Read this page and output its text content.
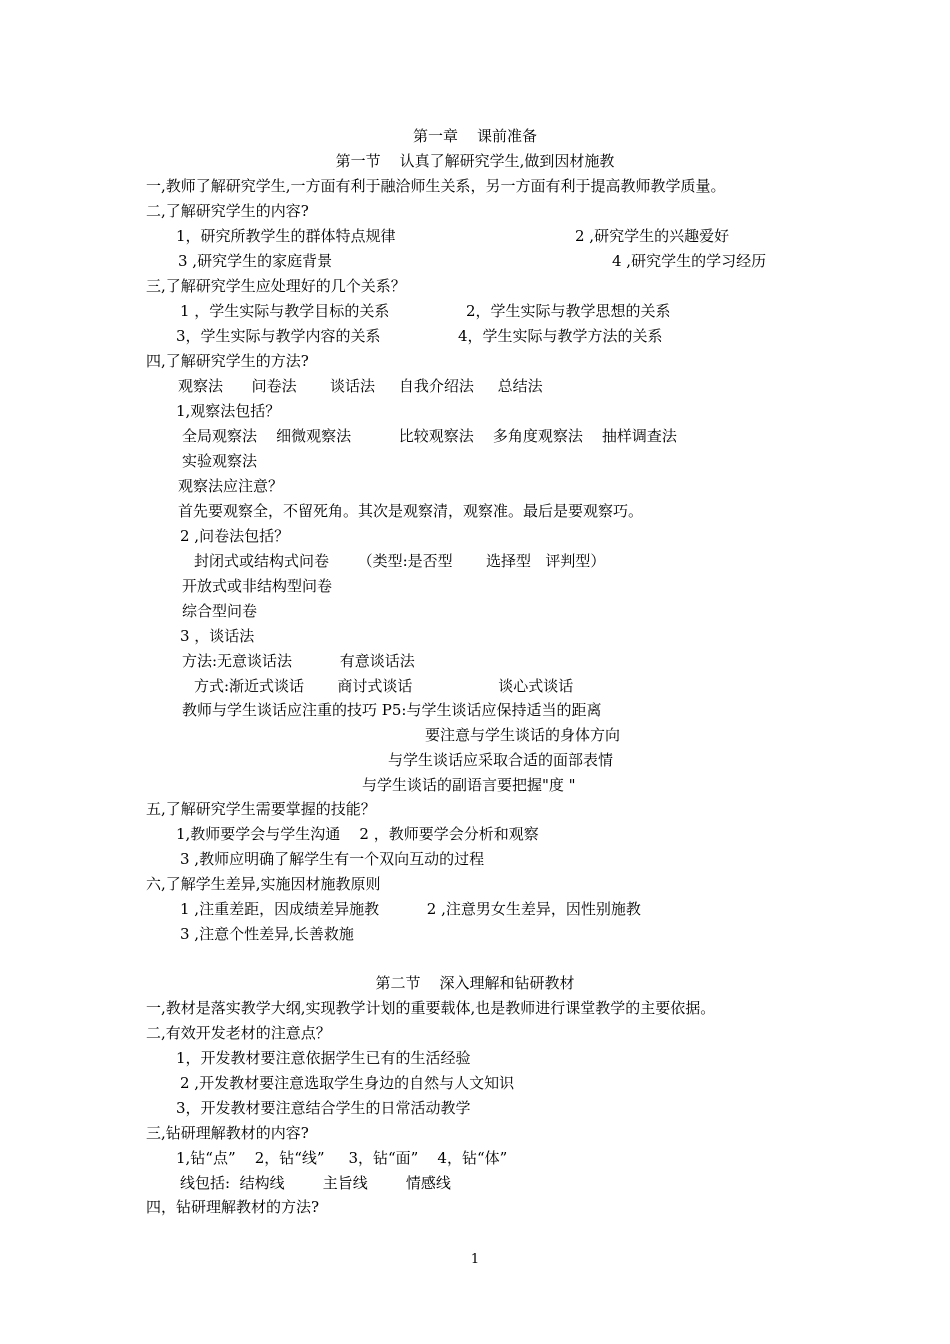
第一章    课前准备
第一节    认真了解研究学生,做到因材施教
一,教师了解研究学生,一方面有利于融洽师生关系，另一方面有利于提高教师教学质量。
二,了解研究学生的内容?
1，研究所教学生的群体特点规律	2 ,研究学生的兴趣爱好
3 ,研究学生的家庭背景	4 ,研究学生的学习经历
三,了解研究学生应处理好的几个关系？
1 ，学生实际与教学目标的关系	2，学生实际与教学思想的关系
3，学生实际与教学内容的关系	4，学生实际与教学方法的关系
四,了解研究学生的方法?
观察法      问卷法       谈话法     自我介绍法     总结法
1,观察法包括？
全局观察法    细微观察法          比较观察法    多角度观察法    抽样调查法
实验观察法
观察法应注意？
首先要观察全，不留死角。其次是观察清，观察准。最后是要观察巧。
2 ,问卷法包括？
封闭式或结构式问卷      （类型:是否型       选择型   评判型）
开放式或非结构型问卷
综合型问卷
3 ，谈话法
方法:无意谈话法          有意谈话法
方式:渐近式谈话       商讨式谈话                  谈心式谈话
教师与学生谈话应注重的技巧 P5:与学生谈话应保持适当的距离
要注意与学生谈话的身体方向
与学生谈话应采取合适的面部表情
与学生谈话的副语言要把握"度 "
五,了解研究学生需要掌握的技能？
1,教师要学会与学生沟通    2 ，教师要学会分析和观察
3 ,教师应明确了解学生有一个双向互动的过程
六,了解学生差异,实施因材施教原则
1 ,注重差距，因成绩差异施教          2 ,注意男女生差异，因性别施教
3 ,注意个性差异,长善救施
第二节    深入理解和钻研教材
一,教材是落实教学大纲,实现教学计划的重要载体,也是教师进行课堂教学的主要依据。
二,有效开发老材的注意点？
1，开发教材要注意依据学生已有的生活经验
2 ,开发教材要注意选取学生身边的自然与人文知识
3，开发教材要注意结合学生的日常活动教学
三,钻研理解教材的内容?
1,钻“点”    2，钻“线”     3，钻“面”    4，钻“体”
线包括:  结构线        主旨线        情感线
四，钻研理解教材的方法?
1
